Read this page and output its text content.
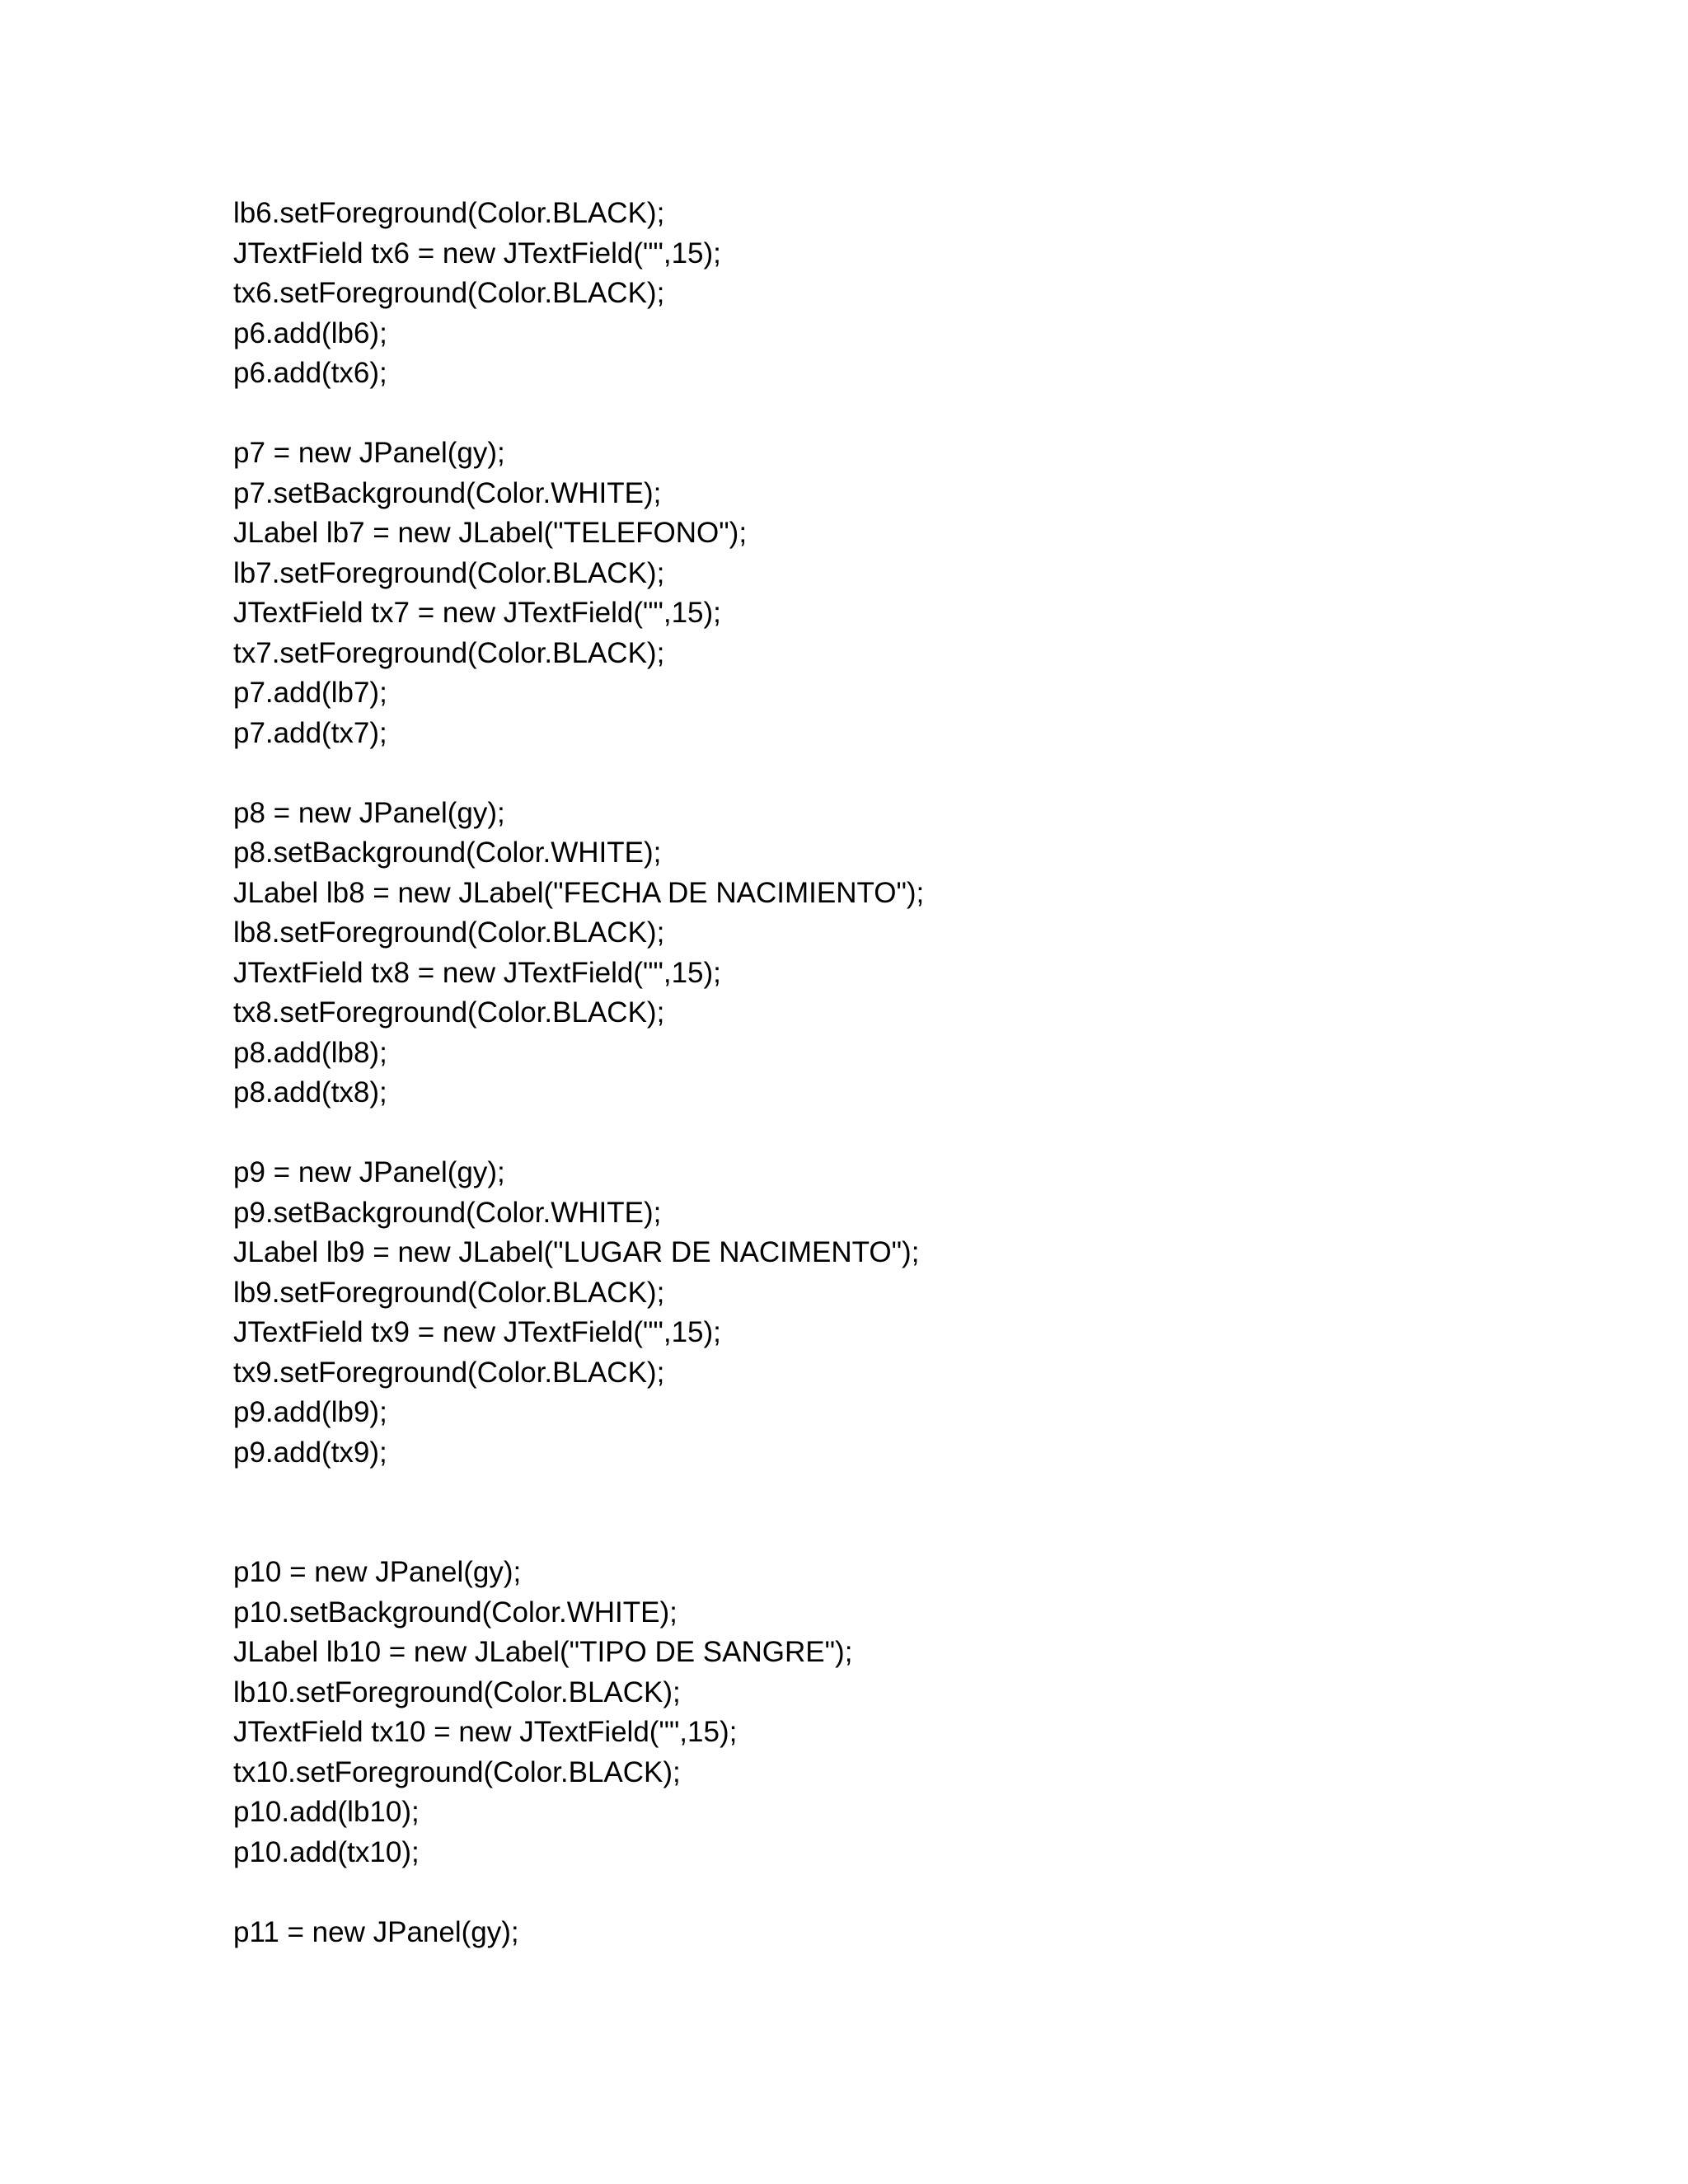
lb6.setForeground(Color.BLACK);
JTextField tx6 = new JTextField("",15);
tx6.setForeground(Color.BLACK);
p6.add(lb6);
p6.add(tx6);
p7 = new JPanel(gy);
p7.setBackground(Color.WHITE);
JLabel lb7 = new JLabel("TELEFONO");
lb7.setForeground(Color.BLACK);
JTextField tx7 = new JTextField("",15);
tx7.setForeground(Color.BLACK);
p7.add(lb7);
p7.add(tx7);
p8 = new JPanel(gy);
p8.setBackground(Color.WHITE);
JLabel lb8 = new JLabel("FECHA DE NACIMIENTO");
lb8.setForeground(Color.BLACK);
JTextField tx8 = new JTextField("",15);
tx8.setForeground(Color.BLACK);
p8.add(lb8);
p8.add(tx8);
p9 = new JPanel(gy);
p9.setBackground(Color.WHITE);
JLabel lb9 = new JLabel("LUGAR DE NACIMENTO");
lb9.setForeground(Color.BLACK);
JTextField tx9 = new JTextField("",15);
tx9.setForeground(Color.BLACK);
p9.add(lb9);
p9.add(tx9);
p10 = new JPanel(gy);
p10.setBackground(Color.WHITE);
JLabel lb10 = new JLabel("TIPO DE SANGRE");
lb10.setForeground(Color.BLACK);
JTextField tx10 = new JTextField("",15);
tx10.setForeground(Color.BLACK);
p10.add(lb10);
p10.add(tx10);
p11 = new JPanel(gy);
